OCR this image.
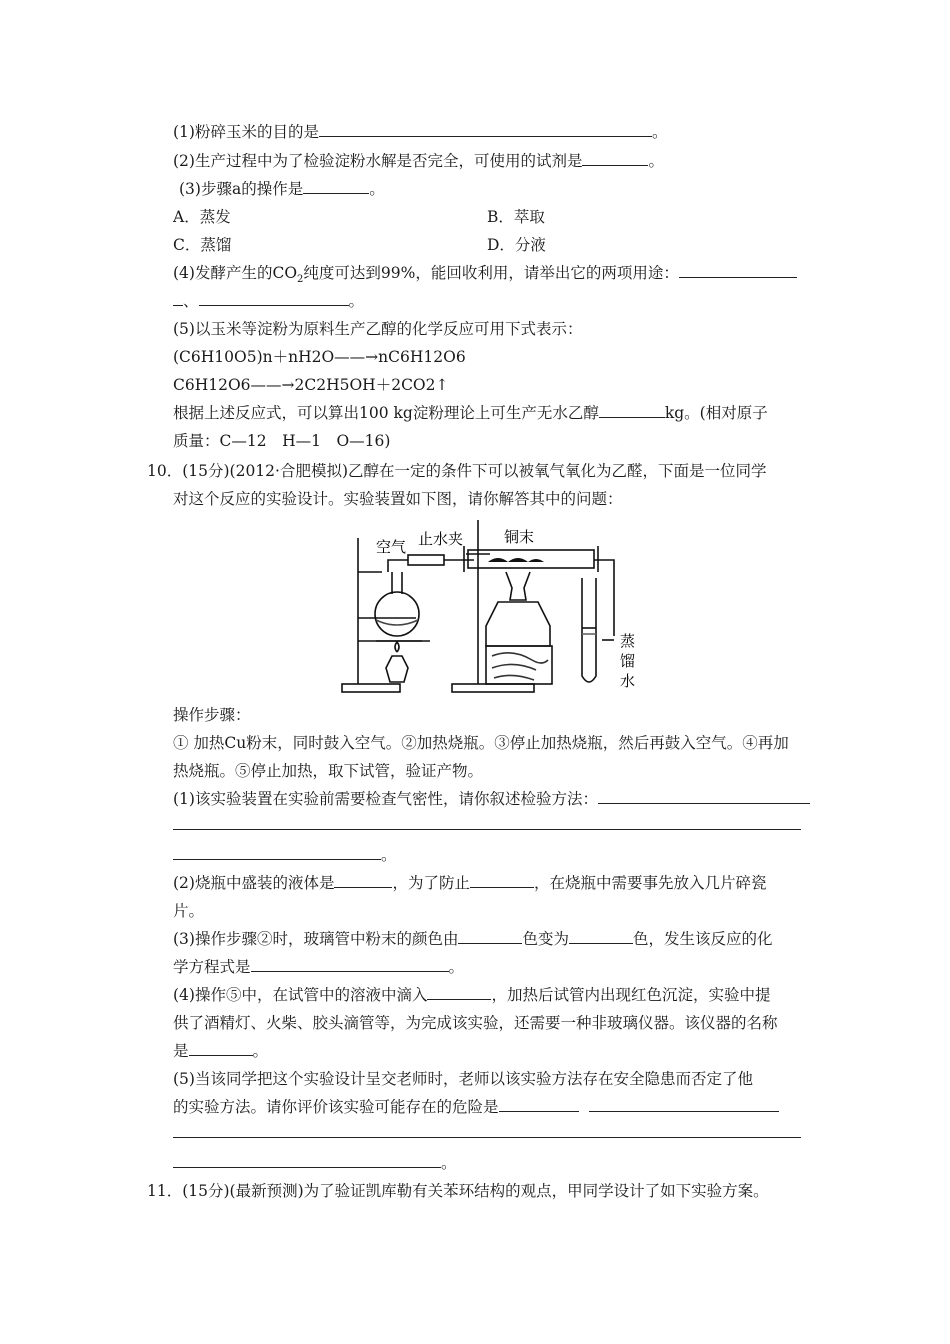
(1)粉碎玉米的目的是	。
(2)生产过程中为了检验淀粉水解是否完全，可使用的试剂是	。
(3)步骤a的操作是	。
A．蒸发	B．萃取
C．蒸馏	D．分液
(4)发酵产生的$CO_2$纯度可达到99%，能回收利用，请举出它的两项用途：
、	。
(5)以玉米等淀粉为原料生产乙醇的化学反应可用下式表示：
(C6H10O5)n＋nH2O——→nC6H12O6
C6H12O6——→2C2H5OH＋2CO2↑
根据上述反应式，可以算出100 kg淀粉理论上可生产无水乙醇	kg。(相对原子
质量：C—12　H—1　O—16)
10．(15分)(2012·合肥模拟)乙醇在一定的条件下可以被氧气氧化为乙醛，下面是一位同学
对这个反应的实验设计。实验装置如下图，请你解答其中的问题：
空气 止水夹	铜末
蒸
馏
水
操作步骤：
① 加热Cu粉末，同时鼓入空气。②加热烧瓶。③停止加热烧瓶，然后再鼓入空气。④再加
热烧瓶。⑤停止加热，取下试管，验证产物。
(1)该实验装置在实验前需要检查气密性，请你叙述检验方法：
。
(2)烧瓶中盛装的液体是	，为了防止	，在烧瓶中需要事先放入几片碎瓷
片。
(3)操作步骤②时，玻璃管中粉末的颜色由	色变为	色，发生该反应的化
学方程式是	。
(4)操作⑤中，在试管中的溶液中滴入	，加热后试管内出现红色沉淀，实验中提
供了酒精灯、火柴、胶头滴管等，为完成该实验，还需要一种非玻璃仪器。该仪器的名称
是	。
(5)当该同学把这个实验设计呈交老师时，老师以该实验方法存在安全隐患而否定了他
的实验方法。请你评价该实验可能存在的危险是
。
11．(15分)(最新预测)为了验证凯库勒有关苯环结构的观点，甲同学设计了如下实验方案。
